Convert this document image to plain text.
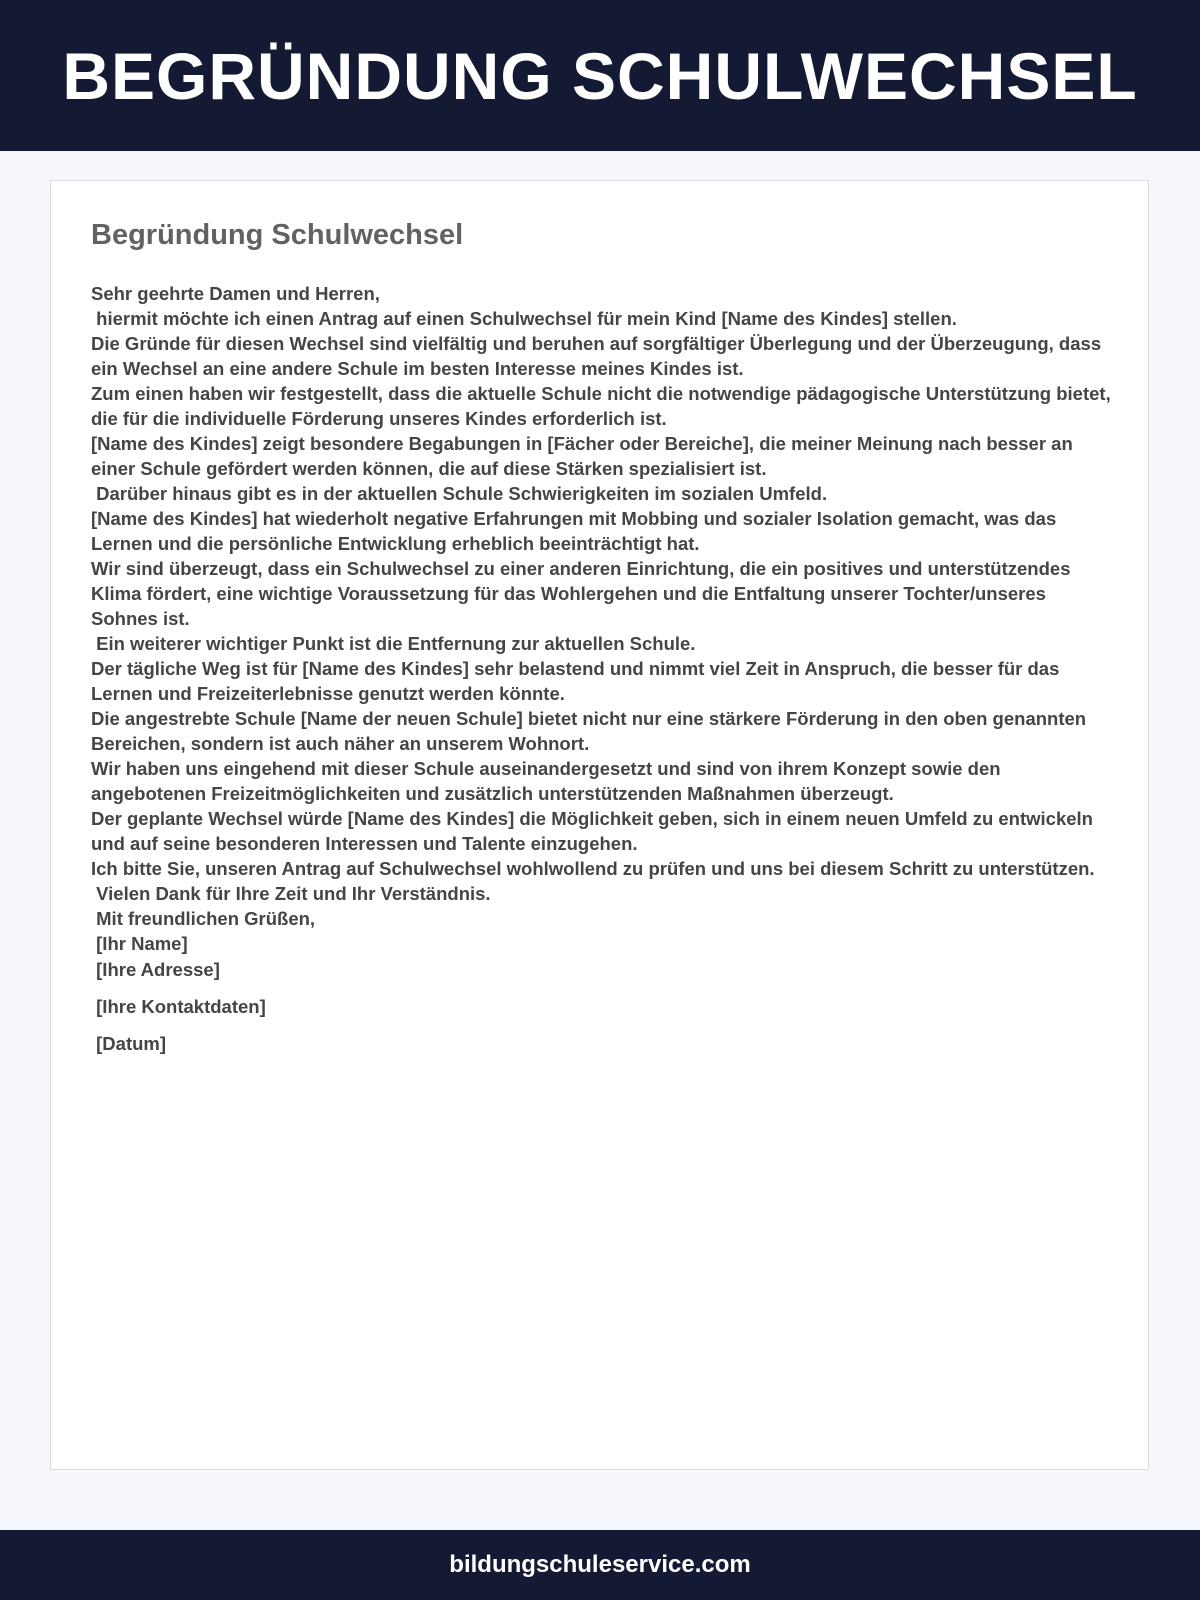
BEGRÜNDUNG SCHULWECHSEL
Begründung Schulwechsel

Sehr geehrte Damen und Herren,

hiermit möchte ich einen Antrag auf einen Schulwechsel für mein Kind [Name des Kindes] stellen.

Die Gründe für diesen Wechsel sind vielfältig und beruhen auf sorgfältiger Überlegung und der Überzeugung, dass ein Wechsel an eine andere Schule im besten Interesse meines Kindes ist.

Zum einen haben wir festgestellt, dass die aktuelle Schule nicht die notwendige pädagogische Unterstützung bietet, die für die individuelle Förderung unseres Kindes erforderlich ist.

[Name des Kindes] zeigt besondere Begabungen in [Fächer oder Bereiche], die meiner Meinung nach besser an einer Schule gefördert werden können, die auf diese Stärken spezialisiert ist.

Darüber hinaus gibt es in der aktuellen Schule Schwierigkeiten im sozialen Umfeld.

[Name des Kindes] hat wiederholt negative Erfahrungen mit Mobbing und sozialer Isolation gemacht, was das Lernen und die persönliche Entwicklung erheblich beeinträchtigt hat.

Wir sind überzeugt, dass ein Schulwechsel zu einer anderen Einrichtung, die ein positives und unterstützendes Klima fördert, eine wichtige Voraussetzung für das Wohlergehen und die Entfaltung unserer Tochter/unseres Sohnes ist.

Ein weiterer wichtiger Punkt ist die Entfernung zur aktuellen Schule.

Der tägliche Weg ist für [Name des Kindes] sehr belastend und nimmt viel Zeit in Anspruch, die besser für das Lernen und Freizeiterlebnisse genutzt werden könnte.

Die angestrebte Schule [Name der neuen Schule] bietet nicht nur eine stärkere Förderung in den oben genannten Bereichen, sondern ist auch näher an unserem Wohnort.

Wir haben uns eingehend mit dieser Schule auseinandergesetzt und sind von ihrem Konzept sowie den angebotenen Freizeitmöglichkeiten und zusätzlich unterstützenden Maßnahmen überzeugt.

Der geplante Wechsel würde [Name des Kindes] die Möglichkeit geben, sich in einem neuen Umfeld zu entwickeln und auf seine besonderen Interessen und Talente einzugehen.

Ich bitte Sie, unseren Antrag auf Schulwechsel wohlwollend zu prüfen und uns bei diesem Schritt zu unterstützen.

Vielen Dank für Ihre Zeit und Ihr Verständnis.

Mit freundlichen Grüßen,

[Ihr Name]

[Ihre Adresse]

[Ihre Kontaktdaten]

[Datum]

bildungschuleservice.com
